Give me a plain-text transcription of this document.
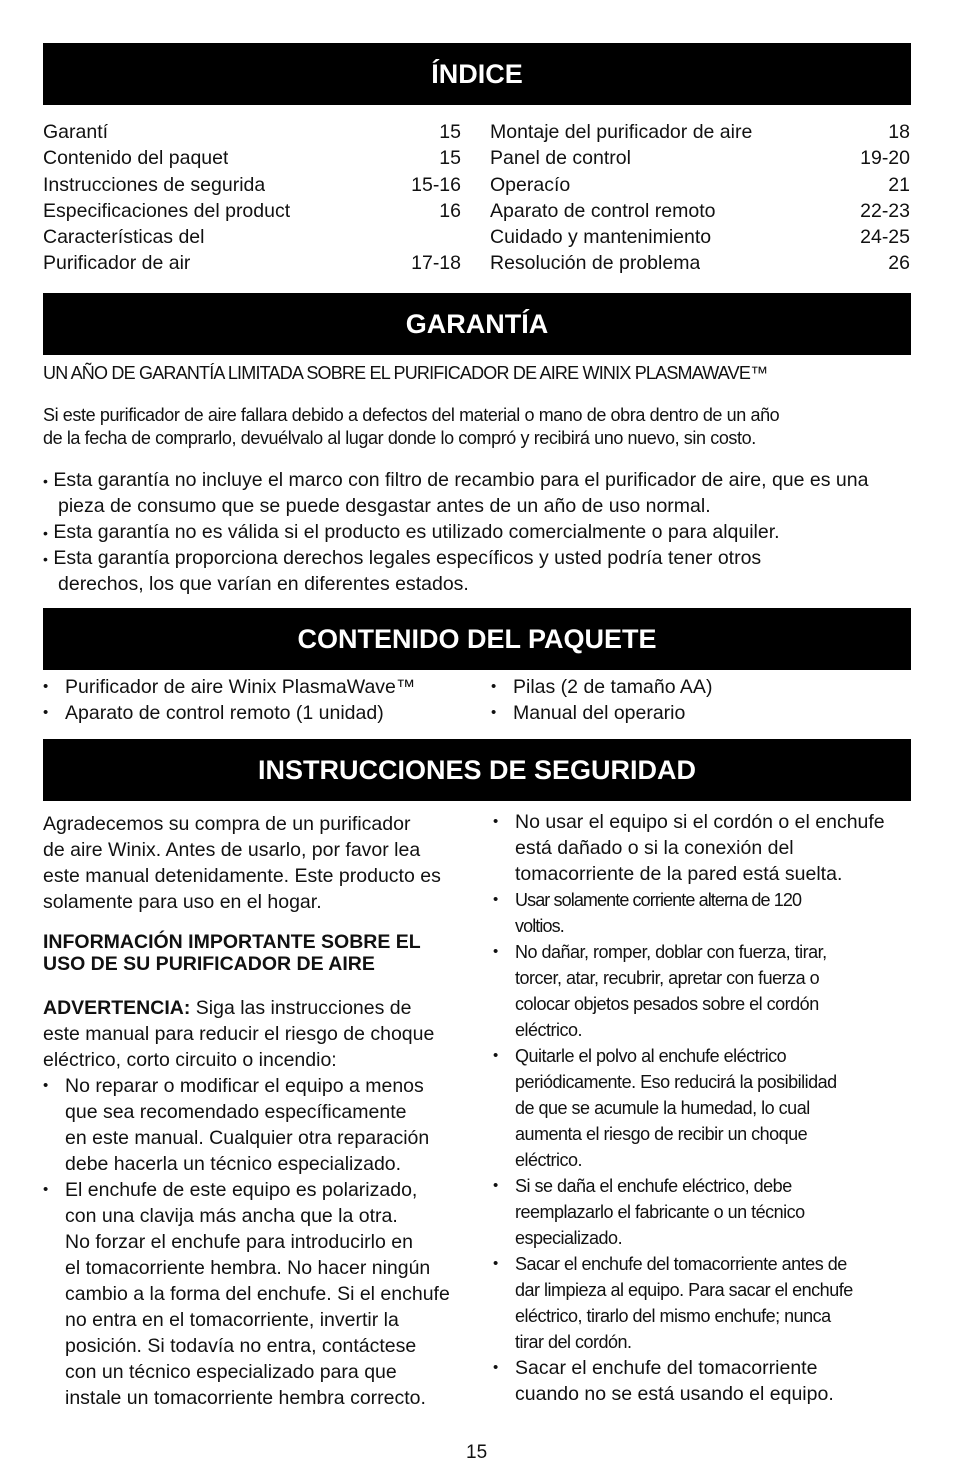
ÍNDICE
Garantí	15
Contenido del paquet	15
Instrucciones de segurida	15-16
Especificaciones del product	16
Características del
Purificador de air	17-18
Montaje del purificador de aire	18
Panel de control	19-20
Operacío	21
Aparato de control remoto	22-23
Cuidado y mantenimiento	24-25
Resolución de problema	26
GARANTÍA
UN AÑO DE GARANTÍA LIMITADA SOBRE EL PURIFICADOR DE AIRE WINIX PLASMAWAVE™
Si este purificador de aire fallara debido a defectos del material o mano de obra dentro de un año
de la fecha de comprarlo, devuélvalo al lugar donde lo compró y recibirá uno nuevo, sin costo.
• Esta garantía no incluye el marco con filtro de recambio para el purificador de aire, que es una
pieza de consumo que se puede desgastar antes de un año de uso normal.
• Esta garantía no es válida si el producto es utilizado comercialmente o para alquiler.
• Esta garantía proporciona derechos legales específicos y usted podría tener otros
derechos, los que varían en diferentes estados.
CONTENIDO DEL PAQUETE
• Purificador de aire Winix PlasmaWave™
• Aparato de control remoto (1 unidad)
• Pilas (2 de tamaño AA)
• Manual del operario
INSTRUCCIONES DE SEGURIDAD
Agradecemos su compra de un purificador
de aire Winix. Antes de usarlo, por favor lea
este manual detenidamente. Este producto es
solamente para uso en el hogar.
INFORMACIÓN IMPORTANTE SOBRE EL
USO DE SU PURIFICADOR DE AIRE
ADVERTENCIA: Siga las instrucciones de
este manual para reducir el riesgo de choque
eléctrico, corto circuito o incendio:
• No reparar o modificar el equipo a menos
que sea recomendado específicamente
en este manual. Cualquier otra reparación
debe hacerla un técnico especializado.
• El enchufe de este equipo es polarizado,
con una clavija más ancha que la otra.
No forzar el enchufe para introducirlo en
el tomacorriente hembra. No hacer ningún
cambio a la forma del enchufe. Si el enchufe
no entra en el tomacorriente, invertir la
posición. Si todavía no entra, contáctese
con un técnico especializado para que
instale un tomacorriente hembra correcto.
• No usar el equipo si el cordón o el enchufe
está dañado o si la conexión del
tomacorriente de la pared está suelta.
• Usar solamente corriente alterna de 120
voltios.
• No dañar, romper, doblar con fuerza, tirar,
torcer, atar, recubrir, apretar con fuerza o
colocar objetos pesados sobre el cordón
eléctrico.
• Quitarle el polvo al enchufe eléctrico
periódicamente. Eso reducirá la posibilidad
de que se acumule la humedad, lo cual
aumenta el riesgo de recibir un choque
eléctrico.
• Si se daña el enchufe eléctrico, debe
reemplazarlo el fabricante o un técnico
especializado.
• Sacar el enchufe del tomacorriente antes de
dar limpieza al equipo. Para sacar el enchufe
eléctrico, tirarlo del mismo enchufe; nunca
tirar del cordón.
• Sacar el enchufe del tomacorriente
cuando no se está usando el equipo.
15
